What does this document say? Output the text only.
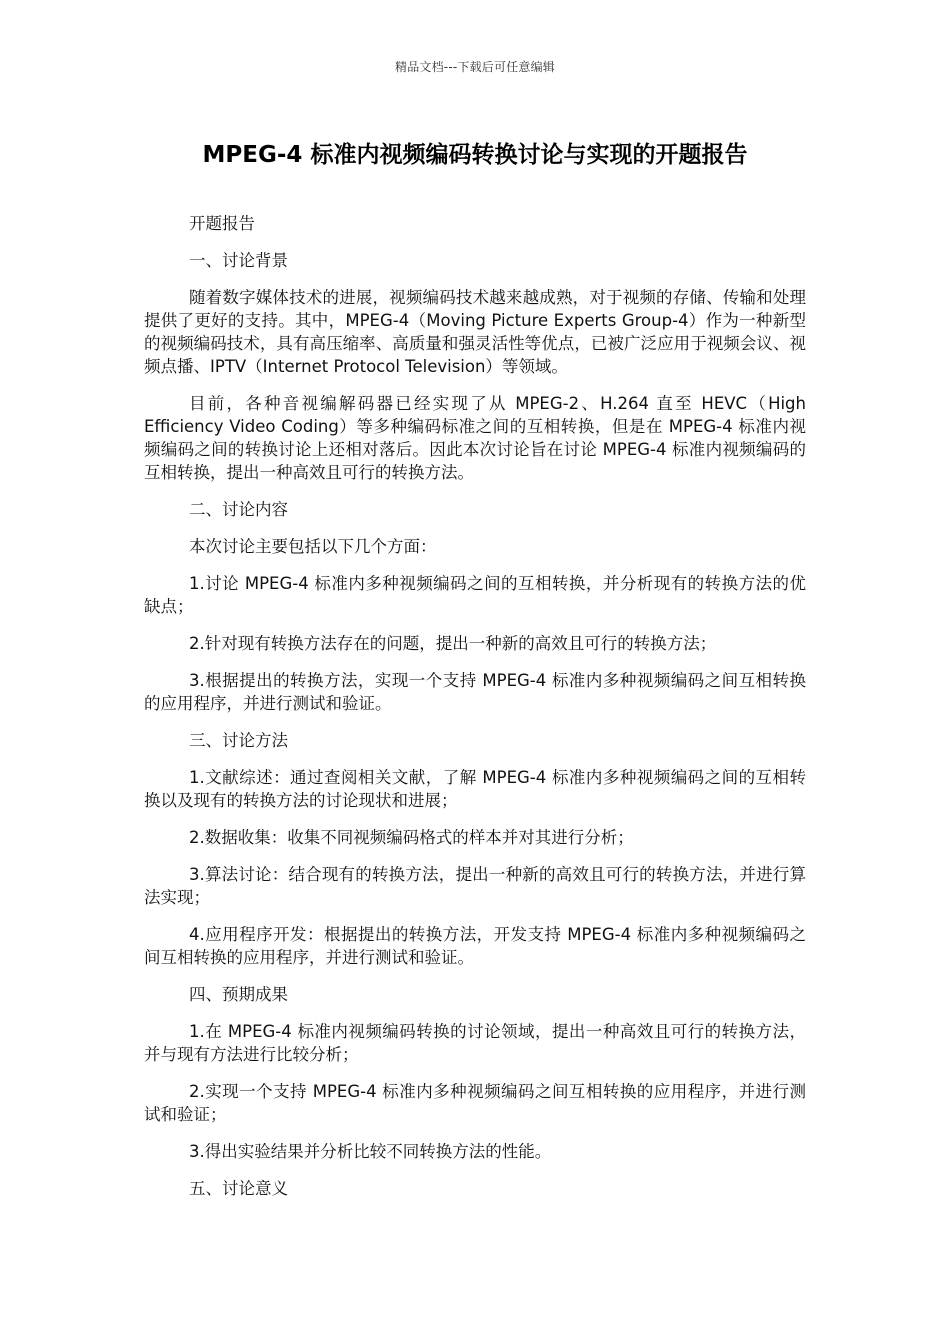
精品文档---下载后可任意编辑
MPEG-4 标准内视频编码转换讨论与实现的开题报告

开题报告

一、讨论背景

随着数字媒体技术的进展，视频编码技术越来越成熟，对于视频的存储、传输和处理提供了更好的支持。其中，MPEG-4（Moving Picture Experts Group-4）作为一种新型的视频编码技术，具有高压缩率、高质量和强灵活性等优点，已被广泛应用于视频会议、视频点播、IPTV（Internet Protocol Television）等领域。

目前，各种音视编解码器已经实现了从 MPEG-2、H.264 直至 HEVC（High Efficiency Video Coding）等多种编码标准之间的互相转换，但是在 MPEG-4 标准内视频编码之间的转换讨论上还相对落后。因此本次讨论旨在讨论 MPEG-4 标准内视频编码的互相转换，提出一种高效且可行的转换方法。

二、讨论内容

本次讨论主要包括以下几个方面：

1.讨论 MPEG-4 标准内多种视频编码之间的互相转换，并分析现有的转换方法的优缺点；

2.针对现有转换方法存在的问题，提出一种新的高效且可行的转换方法；

3.根据提出的转换方法，实现一个支持 MPEG-4 标准内多种视频编码之间互相转换的应用程序，并进行测试和验证。

三、讨论方法

1.文献综述：通过查阅相关文献，了解 MPEG-4 标准内多种视频编码之间的互相转换以及现有的转换方法的讨论现状和进展；

2.数据收集：收集不同视频编码格式的样本并对其进行分析；

3.算法讨论：结合现有的转换方法，提出一种新的高效且可行的转换方法，并进行算法实现；

4.应用程序开发：根据提出的转换方法，开发支持 MPEG-4 标准内多种视频编码之间互相转换的应用程序，并进行测试和验证。

四、预期成果

1.在 MPEG-4 标准内视频编码转换的讨论领域，提出一种高效且可行的转换方法，并与现有方法进行比较分析；

2.实现一个支持 MPEG-4 标准内多种视频编码之间互相转换的应用程序，并进行测试和验证；

3.得出实验结果并分析比较不同转换方法的性能。

五、讨论意义
